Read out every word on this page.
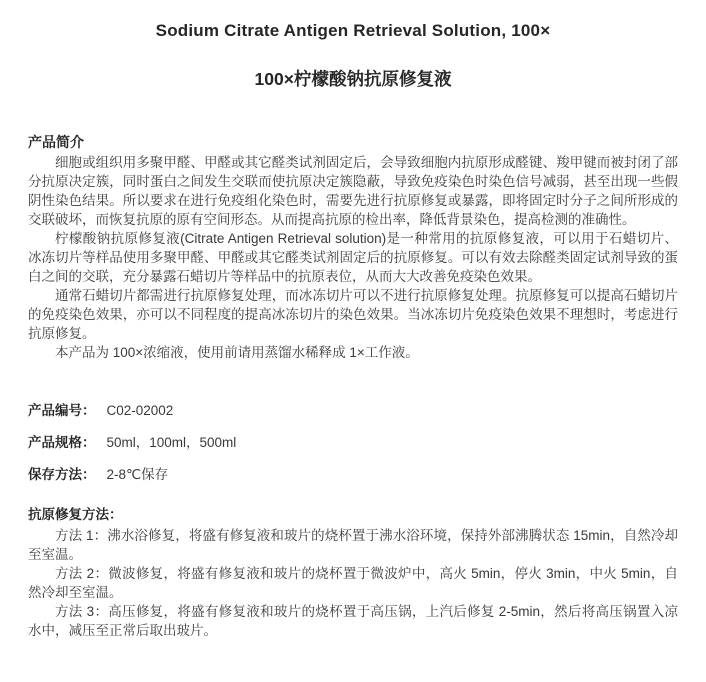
Sodium Citrate Antigen Retrieval Solution, 100×
100×柠檬酸钠抗原修复液
产品简介

细胞或组织用多聚甲醛、甲醛或其它醛类试剂固定后，会导致细胞内抗原形成醛键、羧甲键而被封闭了部分抗原决定簇，同时蛋白之间发生交联而使抗原决定簇隐蔽，导致免疫染色时染色信号减弱，甚至出现一些假阴性染色结果。所以要求在进行免疫组化染色时，需要先进行抗原修复或暴露，即将固定时分子之间所形成的交联破坏，而恢复抗原的原有空间形态。从而提高抗原的检出率，降低背景染色，提高检测的准确性。

柠檬酸钠抗原修复液(Citrate Antigen Retrieval solution)是一种常用的抗原修复液，可以用于石蜡切片、冰冻切片等样品使用多聚甲醛、甲醛或其它醛类试剂固定后的抗原修复。可以有效去除醛类固定试剂导致的蛋白之间的交联，充分暴露石蜡切片等样品中的抗原表位，从而大大改善免疫染色效果。

通常石蜡切片都需进行抗原修复处理，而冰冻切片可以不进行抗原修复处理。抗原修复可以提高石蜡切片的免疫染色效果，亦可以不同程度的提高冰冻切片的染色效果。当冰冻切片免疫染色效果不理想时，考虑进行抗原修复。

本产品为 100×浓缩液，使用前请用蒸馏水稀释成 1×工作液。

产品编号： C02-02002
产品规格： 50ml，100ml，500ml
保存方法： 2-8℃保存
抗原修复方法：

方法 1：沸水浴修复，将盛有修复液和玻片的烧杯置于沸水浴环境，保持外部沸腾状态 15min，自然冷却至室温。

方法 2：微波修复，将盛有修复液和玻片的烧杯置于微波炉中，高火 5min，停火 3min，中火 5min，自然冷却至室温。

方法 3：高压修复，将盛有修复液和玻片的烧杯置于高压锅，上汽后修复 2-5min，然后将高压锅置入凉水中，减压至正常后取出玻片。
